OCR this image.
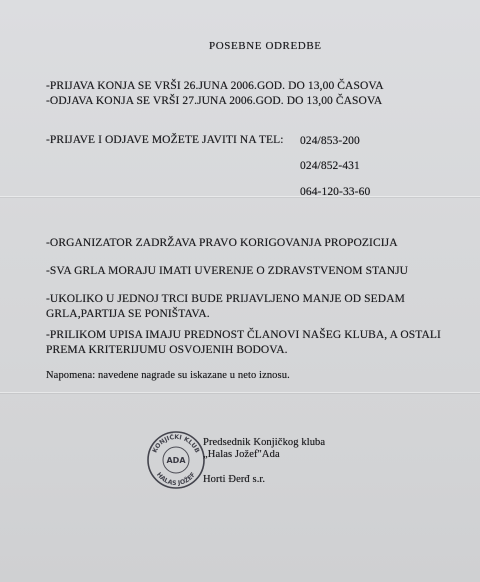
POSEBNE ODREDBE
-PRIJAVA KONJA SE VRŠI 26.JUNA 2006.GOD. DO 13,00 ČASOVA
-ODJAVA KONJA SE VRŠI 27.JUNA 2006.GOD. DO 13,00 ČASOVA
-PRIJAVE I ODJAVE MOŽETE JAVITI NA TEL: 024/853-200
024/852-431
064-120-33-60
-ORGANIZATOR ZADRŽAVA PRAVO KORIGOVANJA PROPOZICIJA
-SVA GRLA MORAJU IMATI UVERENJE O ZDRAVSTVENOM STANJU
-UKOLIKO U JEDNOJ TRCI BUDE PRIJAVLJENO MANJE OD SEDAM
GRLA,PARTIJA SE PONIŠTAVA.
-PRILIKOM UPISA IMAJU PREDNOST ČLANOVI NAŠEG KLUBA, A OSTALI
PREMA KRITERIJUMU OSVOJENIH BODOVA.
Napomena: navedene nagrade su iskazane u neto iznosu.
KONJIČKI KLUB
HALAS JOŽEF
ADA
Predsednik Konjičkog kluba
„Halas Jožef"Ada
Horti Đerđ s.r.
